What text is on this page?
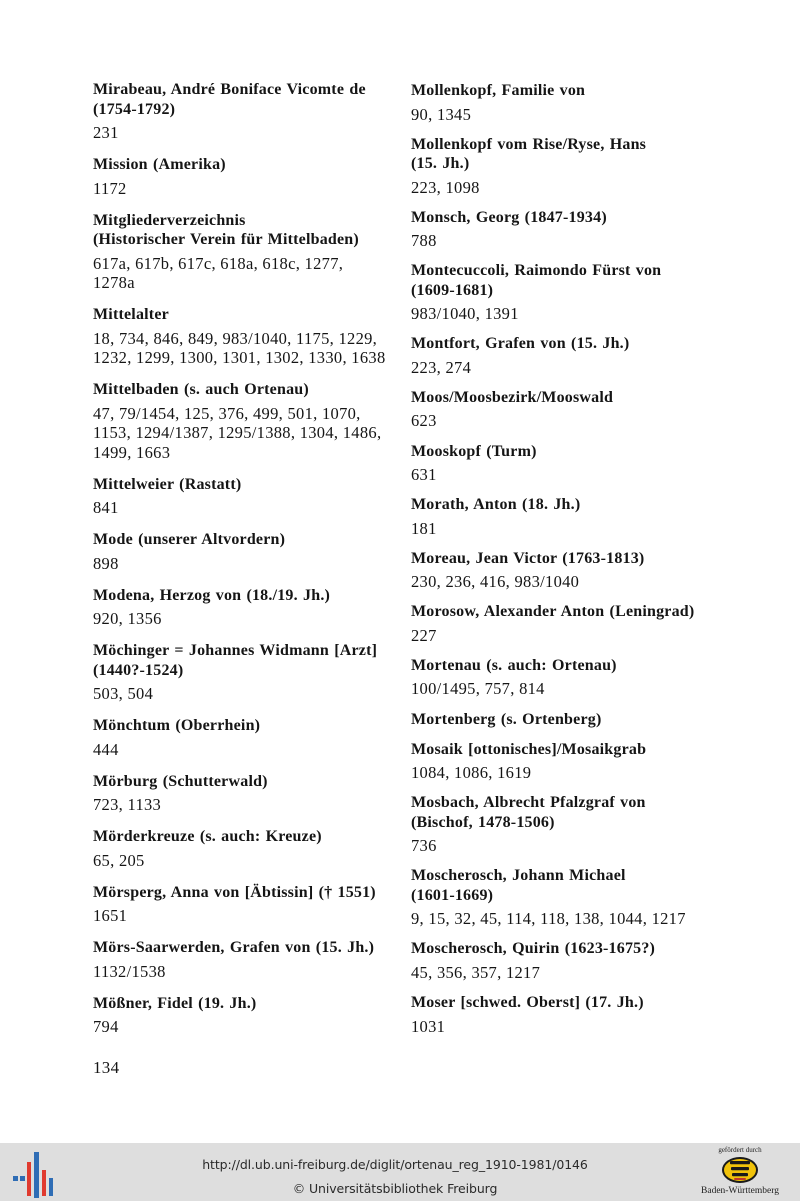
Mirabeau, André Boniface Vicomte de
(1754-1792)
231
Mission (Amerika)
1172
Mitgliederverzeichnis
(Historischer Verein für Mittelbaden)
617a, 617b, 617c, 618a, 618c, 1277,
1278a
Mittelalter
18, 734, 846, 849, 983/1040, 1175, 1229,
1232, 1299, 1300, 1301, 1302, 1330, 1638
Mittelbaden (s. auch Ortenau)
47, 79/1454, 125, 376, 499, 501, 1070,
1153, 1294/1387, 1295/1388, 1304, 1486,
1499, 1663
Mittelweier (Rastatt)
841
Mode (unserer Altvordern)
898
Modena, Herzog von (18./19. Jh.)
920, 1356
Möchinger = Johannes Widmann [Arzt]
(1440?-1524)
503, 504
Mönchtum (Oberrhein)
444
Mörburg (Schutterwald)
723, 1133
Mörderkreuze (s. auch: Kreuze)
65, 205
Mörsperg, Anna von [Äbtissin] († 1551)
1651
Mörs-Saarwerden, Grafen von (15. Jh.)
1132/1538
Mößner, Fidel (19. Jh.)
794
Mollenkopf, Familie von
90, 1345
Mollenkopf vom Rise/Ryse, Hans
(15. Jh.)
223, 1098
Monsch, Georg (1847-1934)
788
Montecuccoli, Raimondo Fürst von
(1609-1681)
983/1040, 1391
Montfort, Grafen von (15. Jh.)
223, 274
Moos/Moosbezirk/Mooswald
623
Mooskopf (Turm)
631
Morath, Anton (18. Jh.)
181
Moreau, Jean Victor (1763-1813)
230, 236, 416, 983/1040
Morosow, Alexander Anton (Leningrad)
227
Mortenau (s. auch: Ortenau)
100/1495, 757, 814
Mortenberg (s. Ortenberg)
Mosaik [ottonisches]/Mosaikgrab
1084, 1086, 1619
Mosbach, Albrecht Pfalzgraf von
(Bischof, 1478-1506)
736
Moscherosch, Johann Michael
(1601-1669)
9, 15, 32, 45, 114, 118, 138, 1044, 1217
Moscherosch, Quirin (1623-1675?)
45, 356, 357, 1217
Moser [schwed. Oberst] (17. Jh.)
1031
134
http://dl.ub.uni-freiburg.de/diglit/ortenau_reg_1910-1981/0146
© Universitätsbibliothek Freiburg
gefördert durch
Baden-Württemberg
